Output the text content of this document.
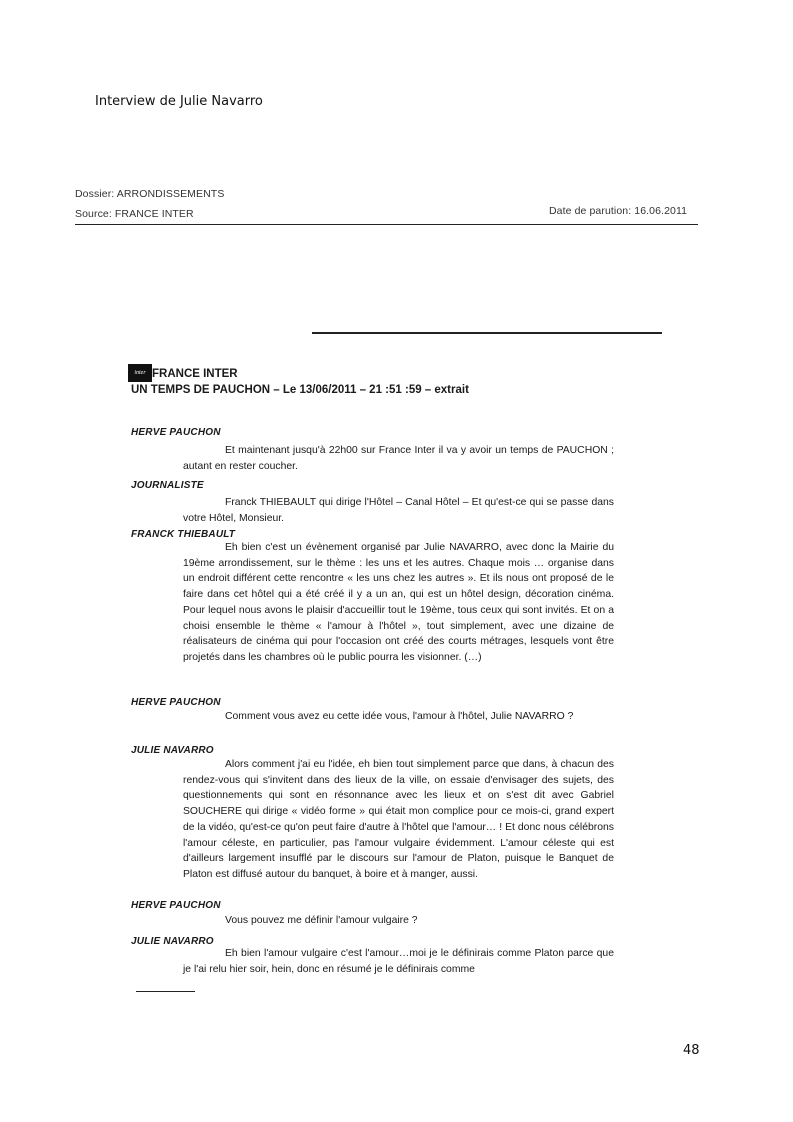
Interview de Julie Navarro
Dossier: ARRONDISSEMENTS
Source: FRANCE INTER	Date de parution: 16.06.2011
inter FRANCE INTER
UN TEMPS DE PAUCHON – Le 13/06/2011 – 21 :51 :59 – extrait
HERVE PAUCHON

Et maintenant jusqu'à 22h00 sur France Inter il va y avoir un temps de PAUCHON ; autant en rester coucher.

JOURNALISTE

Franck THIEBAULT qui dirige l'Hôtel – Canal Hôtel – Et qu'est-ce qui se passe dans votre Hôtel, Monsieur.

FRANCK THIEBAULT

Eh bien c'est un évènement organisé par Julie NAVARRO, avec donc la Mairie du 19ème arrondissement, sur le thème : les uns et les autres. Chaque mois … organise dans un endroit différent cette rencontre « les uns chez les autres ». Et ils nous ont proposé de le faire dans cet hôtel qui a été créé il y a un an, qui est un hôtel design, décoration cinéma. Pour lequel nous avons le plaisir d'accueillir tout le 19ème, tous ceux qui sont invités. Et on a choisi ensemble le thème « l'amour à l'hôtel », tout simplement, avec une dizaine de réalisateurs de cinéma qui pour l'occasion ont créé des courts métrages, lesquels vont être projetés dans les chambres où le public pourra les visionner. (…)

HERVE PAUCHON

Comment vous avez eu cette idée vous, l'amour à l'hôtel, Julie NAVARRO ?

JULIE NAVARRO

Alors comment j'ai eu l'idée, eh bien tout simplement parce que dans, à chacun des rendez-vous qui s'invitent dans des lieux de la ville, on essaie d'envisager des sujets, des questionnements qui sont en résonnance avec les lieux et on s'est dit avec Gabriel SOUCHERE qui dirige « vidéo forme » qui était mon complice pour ce mois-ci, grand expert de la vidéo, qu'est-ce qu'on peut faire d'autre à l'hôtel que l'amour… ! Et donc nous célébrons l'amour céleste, en particulier, pas l'amour vulgaire évidemment. L'amour céleste qui est d'ailleurs largement insufflé par le discours sur l'amour de Platon, puisque le Banquet de Platon est diffusé autour du banquet, à boire et à manger, aussi.

HERVE PAUCHON

Vous pouvez me définir l'amour vulgaire ?

JULIE NAVARRO

Eh bien l'amour vulgaire c'est l'amour…moi je le définirais comme Platon parce que je l'ai relu hier soir, hein, donc en résumé je le définirais comme

48
